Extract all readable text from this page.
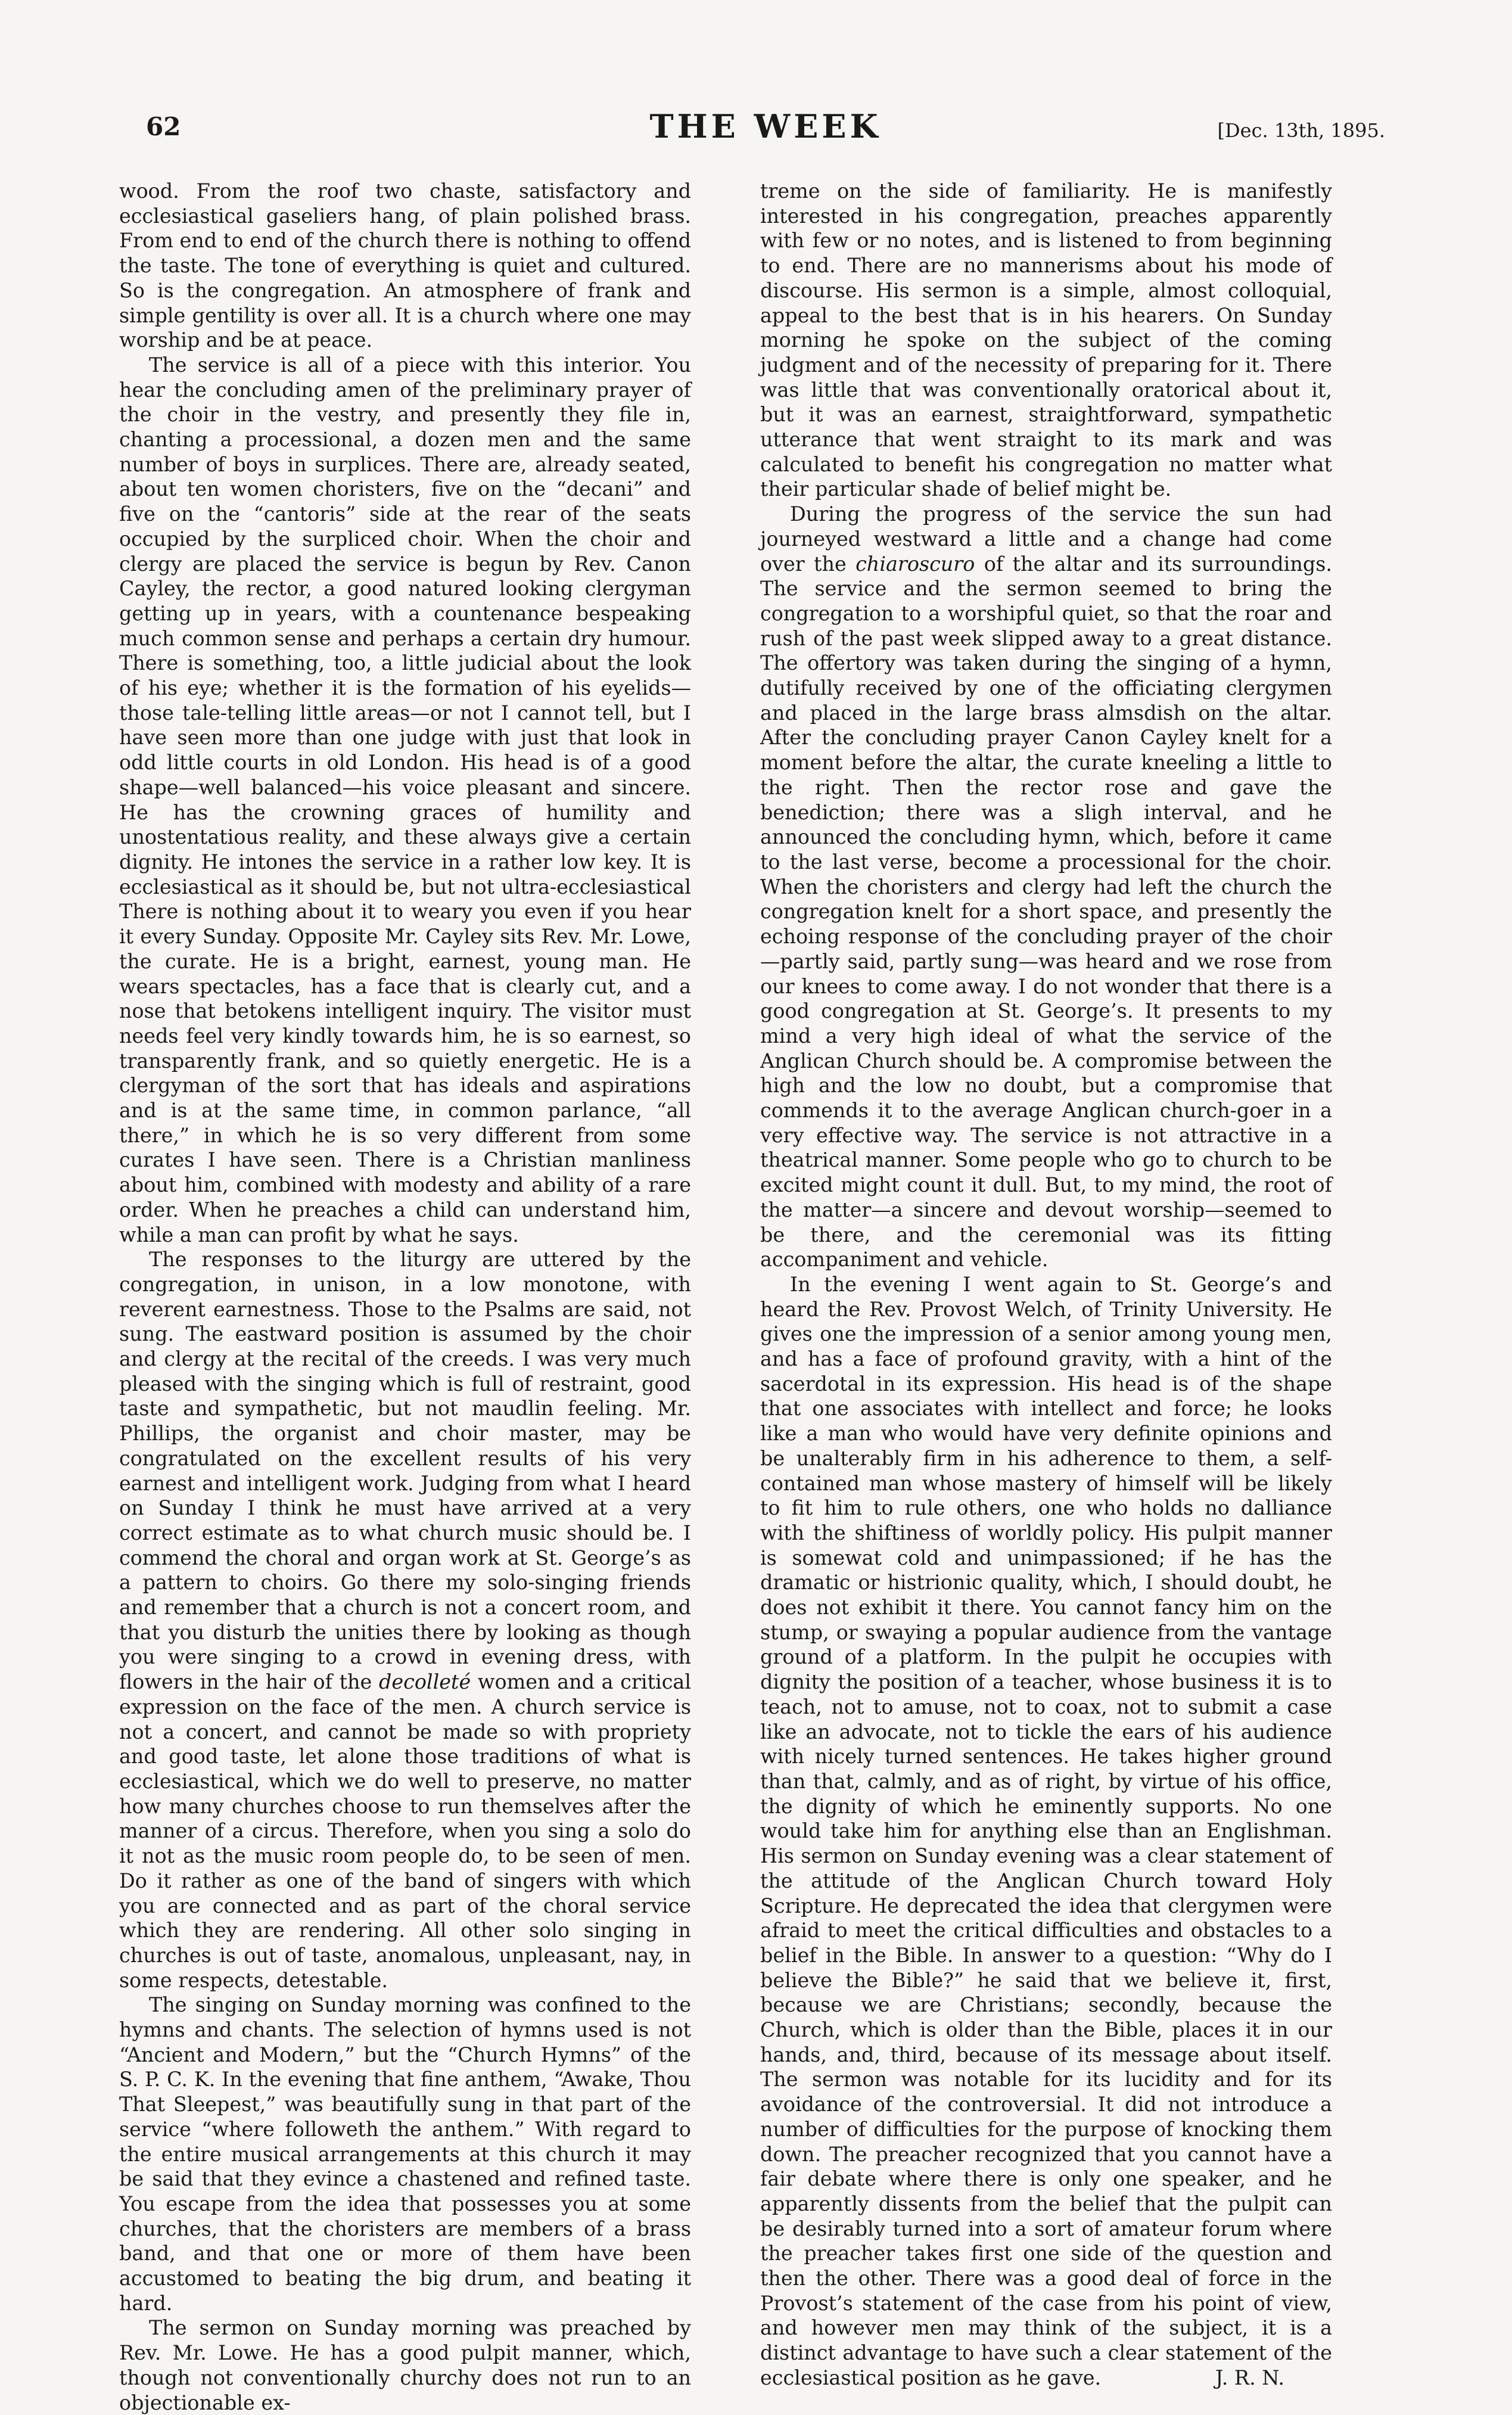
62	THE WEEK	[Dec. 13th, 1895.

wood. From the roof two chaste, satisfactory and ecclesiastical gaseliers hang, of plain polished brass. From end to end of the church there is nothing to offend the taste. The tone of everything is quiet and cultured. So is the congregation. An atmosphere of frank and simple gentility is over all. It is a church where one may worship and be at peace.

The service is all of a piece with this interior. You hear the concluding amen of the preliminary prayer of the choir in the vestry, and presently they file in, chanting a processional, a dozen men and the same number of boys in surplices. There are, already seated, about ten women choristers, five on the “decani” and five on the “cantoris” side at the rear of the seats occupied by the surpliced choir. When the choir and clergy are placed the service is begun by Rev. Canon Cayley, the rector, a good natured looking clergyman getting up in years, with a countenance bespeaking much common sense and perhaps a certain dry humour. There is something, too, a little judicial about the look of his eye; whether it is the formation of his eyelids—those tale-telling little areas—or not I cannot tell, but I have seen more than one judge with just that look in odd little courts in old London. His head is of a good shape—well balanced—his voice pleasant and sincere. He has the crowning graces of humility and unostentatious reality, and these always give a certain dignity. He intones the service in a rather low key. It is ecclesiastical as it should be, but not ultra-ecclesiastical There is nothing about it to weary you even if you hear it every Sunday. Opposite Mr. Cayley sits Rev. Mr. Lowe, the curate. He is a bright, earnest, young man. He wears spectacles, has a face that is clearly cut, and a nose that betokens intelligent inquiry. The visitor must needs feel very kindly towards him, he is so earnest, so transparently frank, and so quietly energetic. He is a clergyman of the sort that has ideals and aspirations and is at the same time, in common parlance, “all there,” in which he is so very different from some curates I have seen. There is a Christian manliness about him, combined with modesty and ability of a rare order. When he preaches a child can understand him, while a man can profit by what he says.

The responses to the liturgy are uttered by the congregation, in unison, in a low monotone, with reverent earnestness. Those to the Psalms are said, not sung. The eastward position is assumed by the choir and clergy at the recital of the creeds. I was very much pleased with the singing which is full of restraint, good taste and sympathetic, but not maudlin feeling. Mr. Phillips, the organist and choir master, may be congratulated on the excellent results of his very earnest and intelligent work. Judging from what I heard on Sunday I think he must have arrived at a very correct estimate as to what church music should be. I commend the choral and organ work at St. George’s as a pattern to choirs. Go there my solo-singing friends and remember that a church is not a concert room, and that you disturb the unities there by looking as though you were singing to a crowd in evening dress, with flowers in the hair of the decolleté women and a critical expression on the face of the men. A church service is not a concert, and cannot be made so with propriety and good taste, let alone those traditions of what is ecclesiastical, which we do well to preserve, no matter how many churches choose to run themselves after the manner of a circus. Therefore, when you sing a solo do it not as the music room people do, to be seen of men. Do it rather as one of the band of singers with which you are connected and as part of the choral service which they are rendering. All other solo singing in churches is out of taste, anomalous, unpleasant, nay, in some respects, detestable.

The singing on Sunday morning was confined to the hymns and chants. The selection of hymns used is not “Ancient and Modern,” but the “Church Hymns” of the S. P. C. K. In the evening that fine anthem, “Awake, Thou That Sleepest,” was beautifully sung in that part of the service “where followeth the anthem.” With regard to the entire musical arrangements at this church it may be said that they evince a chastened and refined taste. You escape from the idea that possesses you at some churches, that the choristers are members of a brass band, and that one or more of them have been accustomed to beating the big drum, and beating it hard.

The sermon on Sunday morning was preached by Rev. Mr. Lowe. He has a good pulpit manner, which, though not conventionally churchy does not run to an objectionable ex-

treme on the side of familiarity. He is manifestly interested in his congregation, preaches apparently with few or no notes, and is listened to from beginning to end. There are no mannerisms about his mode of discourse. His sermon is a simple, almost colloquial, appeal to the best that is in his hearers. On Sunday morning he spoke on the subject of the coming judgment and of the necessity of preparing for it. There was little that was conventionally oratorical about it, but it was an earnest, straightforward, sympathetic utterance that went straight to its mark and was calculated to benefit his congregation no matter what their particular shade of belief might be.

During the progress of the service the sun had journeyed westward a little and a change had come over the chiaroscuro of the altar and its surroundings. The service and the sermon seemed to bring the congregation to a worshipful quiet, so that the roar and rush of the past week slipped away to a great distance. The offertory was taken during the singing of a hymn, dutifully received by one of the officiating clergymen and placed in the large brass almsdish on the altar. After the concluding prayer Canon Cayley knelt for a moment before the altar, the curate kneeling a little to the right. Then the rector rose and gave the benediction; there was a sligh interval, and he announced the concluding hymn, which, before it came to the last verse, become a processional for the choir. When the choristers and clergy had left the church the congregation knelt for a short space, and presently the echoing response of the concluding prayer of the choir—partly said, partly sung—was heard and we rose from our knees to come away. I do not wonder that there is a good congregation at St. George’s. It presents to my mind a very high ideal of what the service of the Anglican Church should be. A compromise between the high and the low no doubt, but a compromise that commends it to the average Anglican church-goer in a very effective way. The service is not attractive in a theatrical manner. Some people who go to church to be excited might count it dull. But, to my mind, the root of the matter—a sincere and devout worship—seemed to be there, and the ceremonial was its fitting accompaniment and vehicle.

In the evening I went again to St. George’s and heard the Rev. Provost Welch, of Trinity University. He gives one the impression of a senior among young men, and has a face of profound gravity, with a hint of the sacerdotal in its expression. His head is of the shape that one associates with intellect and force; he looks like a man who would have very definite opinions and be unalterably firm in his adherence to them, a self-contained man whose mastery of himself will be likely to fit him to rule others, one who holds no dalliance with the shiftiness of worldly policy. His pulpit manner is somewat cold and unimpassioned; if he has the dramatic or histrionic quality, which, I should doubt, he does not exhibit it there. You cannot fancy him on the stump, or swaying a popular audience from the vantage ground of a platform. In the pulpit he occupies with dignity the position of a teacher, whose business it is to teach, not to amuse, not to coax, not to submit a case like an advocate, not to tickle the ears of his audience with nicely turned sentences. He takes higher ground than that, calmly, and as of right, by virtue of his office, the dignity of which he eminently supports. No one would take him for anything else than an Englishman. His sermon on Sunday evening was a clear statement of the attitude of the Anglican Church toward Holy Scripture. He deprecated the idea that clergymen were afraid to meet the critical difficulties and obstacles to a belief in the Bible. In answer to a question: “Why do I believe the Bible?” he said that we believe it, first, because we are Christians; secondly, because the Church, which is older than the Bible, places it in our hands, and, third, because of its message about itself. The sermon was notable for its lucidity and for its avoidance of the controversial. It did not introduce a number of difficulties for the purpose of knocking them down. The preacher recognized that you cannot have a fair debate where there is only one speaker, and he apparently dissents from the belief that the pulpit can be desirably turned into a sort of amateur forum where the preacher takes first one side of the question and then the other. There was a good deal of force in the Provost’s statement of the case from his point of view, and however men may think of the subject, it is a distinct advantage to have such a clear statement of the ecclesiastical position as he gave.	J. R. N.
